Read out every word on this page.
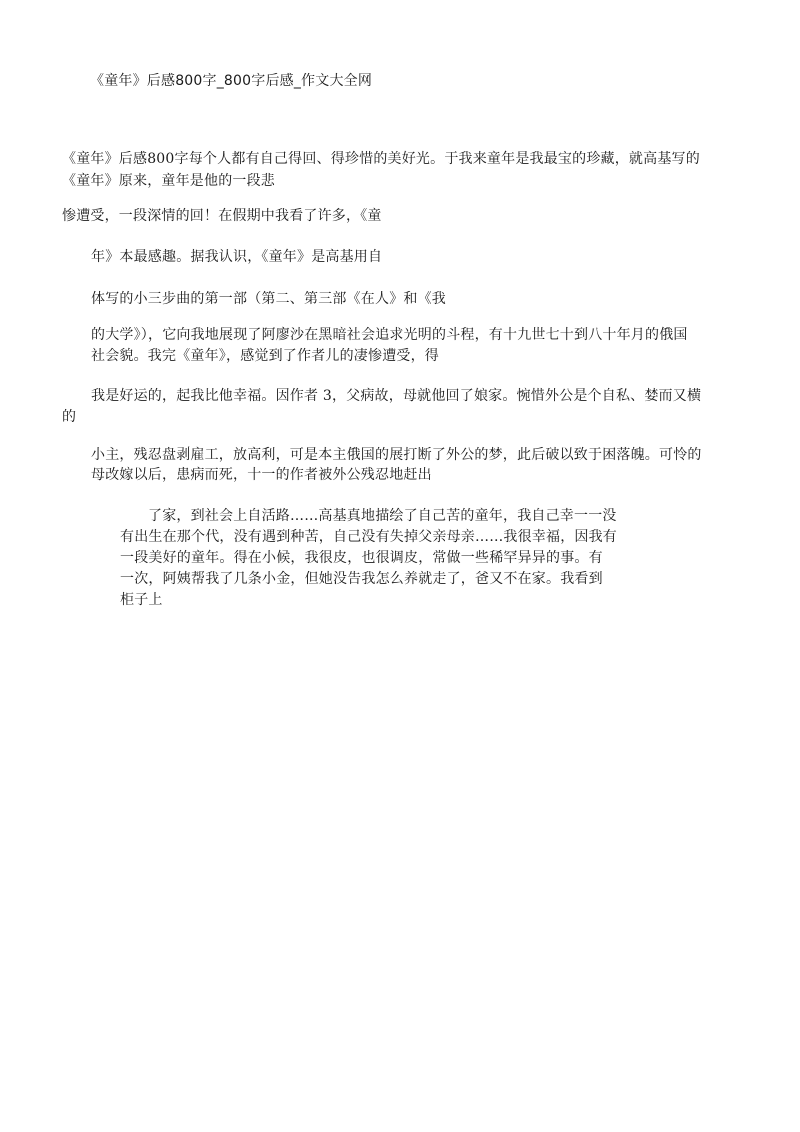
《童年》后感800字_800字后感_作文大全网
《童年》后感800字每个人都有自己得回、得珍惜的美好光。于我来童年是我最宝的珍藏，就高基写的
《童年》原来，童年是他的一段悲
惨遭受，一段深情的回！在假期中我看了许多，《童
年》本最感趣。据我认识，《童年》是高基用自
体写的小三步曲的第一部（第二、第三部《在人》和《我
的大学》），它向我地展现了阿廖沙在黑暗社会追求光明的斗程，有十九世七十到八十年月的俄国
社会貌。我完《童年》，感觉到了作者儿的凄惨遭受，得
我是好运的，起我比他幸福。因作者 3，父病故，母就他回了娘家。惋惜外公是个自私、婪而又横
的
小主，残忍盘剥雇工，放高利，可是本主俄国的展打断了外公的梦，此后破以致于困落魄。可怜的
母改嫁以后，患病而死，十一的作者被外公残忍地赶出
了家，到社会上自活路……高基真地描绘了自己苦的童年，我自己幸一一没
有出生在那个代，没有遇到种苦，自己没有失掉父亲母亲……我很幸福，因我有
一段美好的童年。得在小候，我很皮，也很调皮，常做一些稀罕异异的事。有
一次，阿姨帮我了几条小金，但她没告我怎么养就走了，爸又不在家。我看到
柜子上
